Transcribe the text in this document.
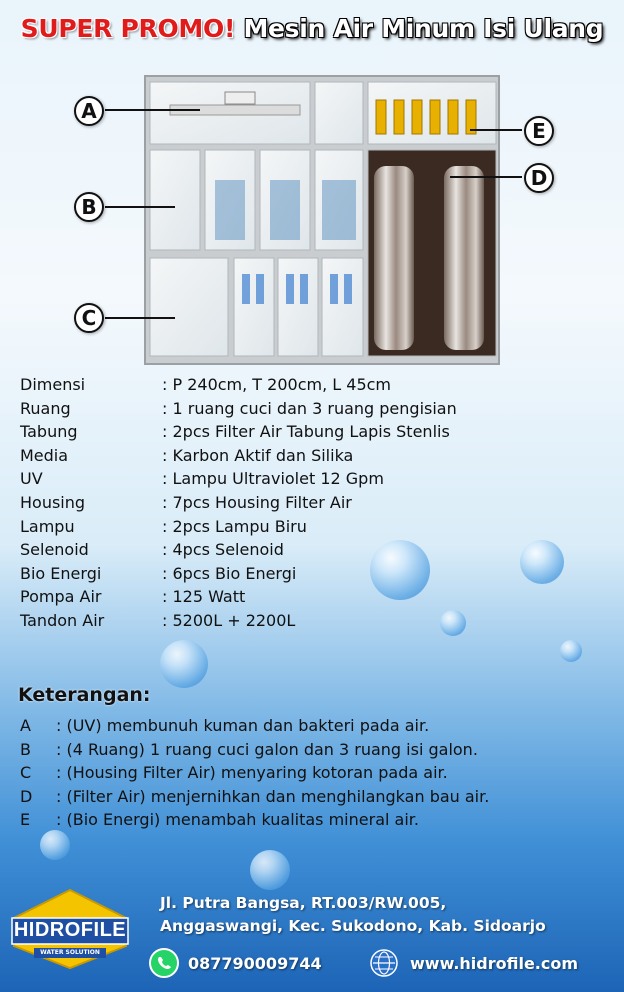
SUPER PROMO! Mesin Air Minum Isi Ulang
A
B
C
D
E
Dimensi	: P 240cm, T 200cm, L 45cm
Ruang	: 1 ruang cuci dan 3 ruang pengisian
Tabung	: 2pcs Filter Air Tabung Lapis Stenlis
Media	: Karbon Aktif dan Silika
UV	: Lampu Ultraviolet 12 Gpm
Housing	: 7pcs Housing Filter Air
Lampu	: 2pcs Lampu Biru
Selenoid	: 4pcs Selenoid
Bio Energi	: 6pcs Bio Energi
Pompa Air	: 125 Watt
Tandon Air	: 5200L + 2200L
Keterangan:
A	: (UV) membunuh kuman dan bakteri pada air.
B	: (4 Ruang) 1 ruang cuci galon dan 3 ruang isi galon.
C	: (Housing Filter Air) menyaring kotoran pada air.
D	: (Filter Air) menjernihkan dan menghilangkan bau air.
E	: (Bio Energi) menambah kualitas mineral air.
HIDROFILE
WATER SOLUTION
Jl. Putra Bangsa, RT.003/RW.005,
Anggaswangi, Kec. Sukodono, Kab. Sidoarjo
087790009744	www.hidrofile.com
